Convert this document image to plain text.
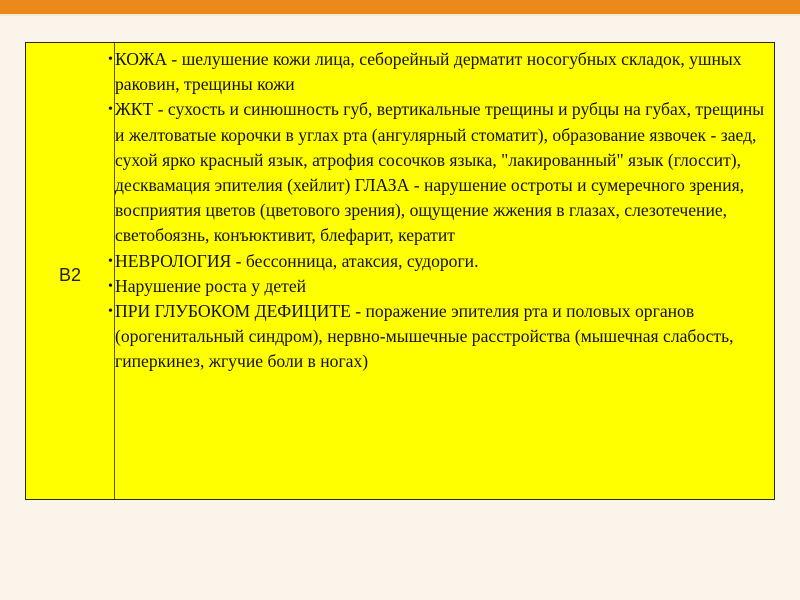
В2
• КОЖА - шелушение кожи лица, себорейный дерматит носогубных складок, ушных раковин, трещины кожи
• ЖКТ - сухость и синюшность губ, вертикальные трещины и рубцы на губах, трещины и желтоватые корочки в углах рта (ангулярный стоматит), образование язвочек - заед, сухой ярко красный язык, атрофия сосочков языка, "лакированный" язык (глоссит), десквамация эпителия (хейлит) ГЛАЗА - нарушение остроты и сумеречного зрения, восприятия цветов (цветового зрения), ощущение жжения в глазах, слезотечение, светобоязнь, конъюктивит, блефарит, кератит
• НЕВРОЛОГИЯ - бессонница, атаксия, судороги.
• Нарушение роста у детей
• ПРИ ГЛУБОКОМ ДЕФИЦИТЕ - поражение эпителия рта и половых органов (орогенитальный синдром), нервно-мышечные расстройства (мышечная слабость, гиперкинез, жгучие боли в ногах)
